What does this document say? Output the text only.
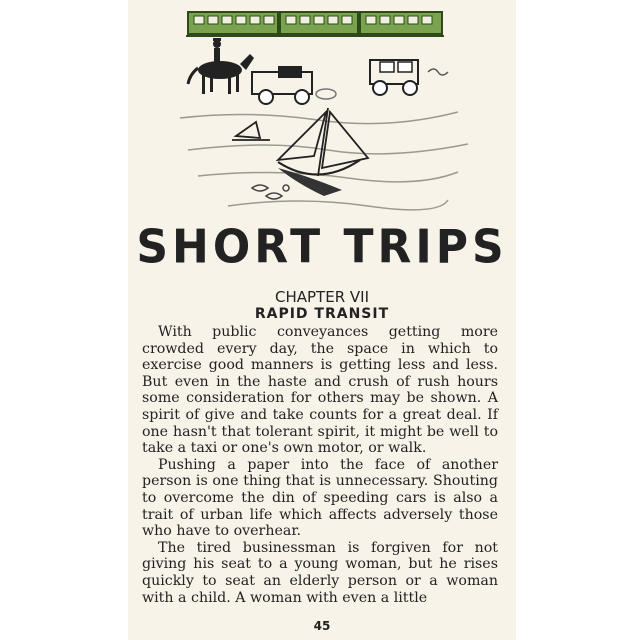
SHORT TRIPS
CHAPTER VII
RAPID TRANSIT

With public conveyances getting more crowded every day, the space in which to exercise good manners is getting less and less. But even in the haste and crush of rush hours some consideration for others may be shown. A spirit of give and take counts for a great deal. If one hasn't that tolerant spirit, it might be well to take a taxi or one's own motor, or walk.

Pushing a paper into the face of another person is one thing that is unnecessary. Shouting to overcome the din of speeding cars is also a trait of urban life which affects adversely those who have to overhear.

The tired businessman is forgiven for not giving his seat to a young woman, but he rises quickly to seat an elderly person or a woman with a child. A woman with even a little

45
